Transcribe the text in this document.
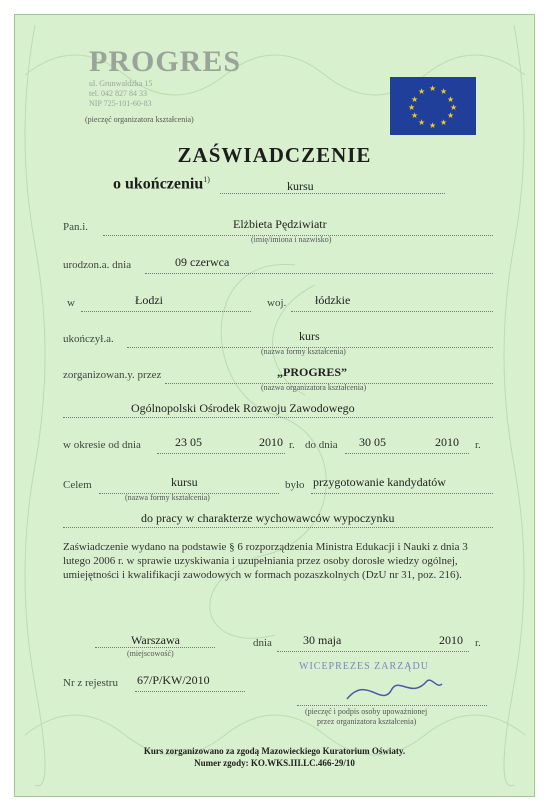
PROGRES
ul. Grunwaldzka 15
tel. 042 827 84 33
NIP 725-101-60-83
(pieczęć organizatora kształcenia)
★ ★
★
★
★
★
★
★
★
★
★
★
ZAŚWIADCZENIE
o ukończeniu$^{1)}$	kursu
Pan.i.	Elżbieta Pędziwiatr
(imię/imiona i nazwisko)
urodzon.a. dnia	09 czerwca
w	Łodzi	woj. łódzkie
ukończył.a.	kurs
(nazwa formy kształcenia)
zorganizowan.y. przez	„PROGRES”
(nazwa organizatora kształcenia)
Ogólnopolski Ośrodek Rozwoju Zawodowego
w okresie od dnia	23 05	2010 r. do dnia 30 05	2010 r.
Celem	kursu
(nazwa formy kształcenia)
było przygotowanie kandydatów
do pracy w charakterze wychowawców wypoczynku
Zaświadczenie wydano na podstawie § 6 rozporządzenia Ministra Edukacji i Nauki z dnia 3 lutego 2006 r. w sprawie uzyskiwania i uzupełniania przez osoby dorosłe wiedzy ogólnej, umiejętności i kwalifikacji zawodowych w formach pozaszkolnych (DzU nr 31, poz. 216).
Warszawa
(miejscowość)
dnia	30 maja	2010 r.
Nr z rejestru 67/P/KW/2010
WICEPREZES ZARZĄDU
(pieczęć i podpis osoby upoważnionej
przez organizatora kształcenia)
Kurs zorganizowano za zgodą Mazowieckiego Kuratorium Oświaty.
Numer zgody: KO.WKS.III.LC.466-29/10
